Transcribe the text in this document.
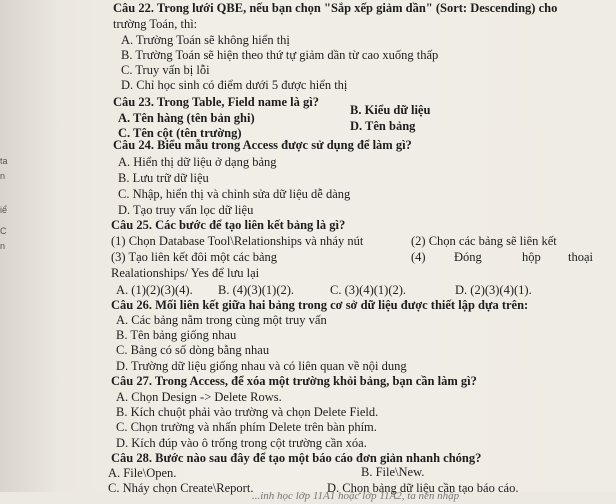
ta
n
C
iể
n
Câu 22. Trong lưới QBE, nếu bạn chọn "Sắp xếp giảm dần" (Sort: Descending) cho
trường Toán, thì:
A. Trường Toán sẽ không hiển thị
B. Trường Toán sẽ hiện theo thứ tự giảm dần từ cao xuống thấp
C. Truy vấn bị lỗi
D. Chỉ học sinh có điểm dưới 5 được hiển thị
Câu 23. Trong Table, Field name là gì?
A. Tên hàng (tên bản ghi)
B. Kiểu dữ liệu
C. Tên cột (tên trường)	D. Tên bảng
Câu 24. Biểu mẫu trong Access được sử dụng để làm gì?
A. Hiển thị dữ liệu ở dạng bảng
B. Lưu trữ dữ liệu
C. Nhập, hiển thị và chỉnh sửa dữ liệu dễ dàng
D. Tạo truy vấn lọc dữ liệu
Câu 25. Các bước để tạo liên kết bảng là gì?
(1) Chọn Database Tool\Relationships và nháy nút	(2) Chọn các bảng sẽ liên kết
(3) Tạo liên kết đôi một các bảng	(4) Đóng	hộp thoại
Realationships/ Yes để lưu lại
A. (1)(2)(3)(4). B. (4)(3)(1)(2).	C. (3)(4)(1)(2).	D. (2)(3)(4)(1).
Câu 26. Mối liên kết giữa hai bảng trong cơ sở dữ liệu được thiết lập dựa trên:
A. Các bảng nằm trong cùng một truy vấn
B. Tên bảng giống nhau
C. Bảng có số dòng bằng nhau
D. Trường dữ liệu giống nhau và có liên quan về nội dung
Câu 27. Trong Access, để xóa một trường khỏi bảng, bạn cần làm gì?
A. Chọn Design -> Delete Rows.
B. Kích chuột phải vào trường và chọn Delete Field.
C. Chọn trường và nhấn phím Delete trên bàn phím.
D. Kích đúp vào ô trống trong cột trường cần xóa.
Câu 28. Bước nào sau đây để tạo một báo cáo đơn giản nhanh chóng?
A. File\Open.	B. File\New.
C. Nháy chọn Create\Report.	D. Chọn bảng dữ liệu cần tạo báo cáo.
...inh học lớp 11A1 hoặc lớp 11A2, ta nên nhập
